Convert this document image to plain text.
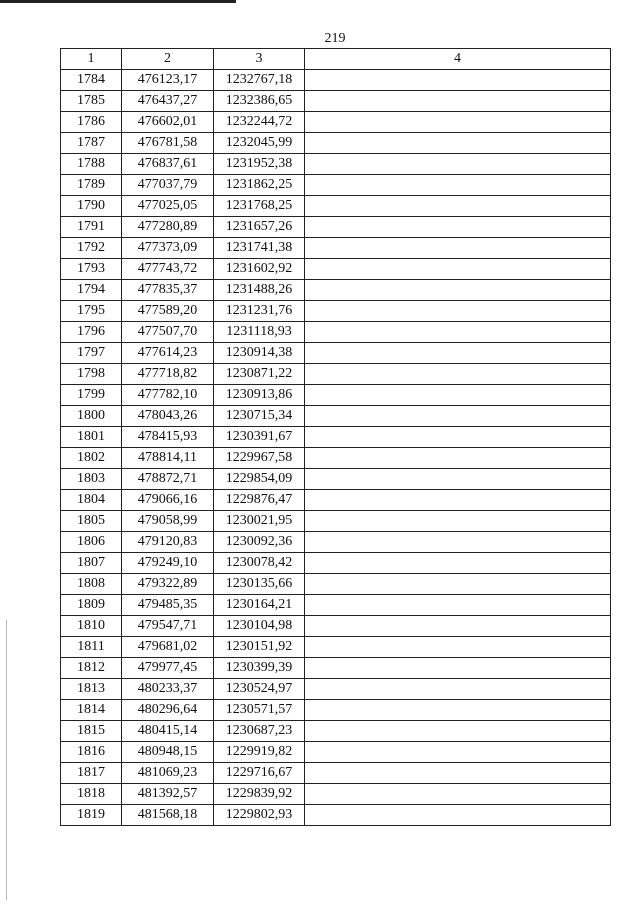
219
1	2	3	4
1784	476123,17	1232767,18	
1785	476437,27	1232386,65	
1786	476602,01	1232244,72	
1787	476781,58	1232045,99	
1788	476837,61	1231952,38	
1789	477037,79	1231862,25	
1790	477025,05	1231768,25	
1791	477280,89	1231657,26	
1792	477373,09	1231741,38	
1793	477743,72	1231602,92	
1794	477835,37	1231488,26	
1795	477589,20	1231231,76	
1796	477507,70	1231118,93	
1797	477614,23	1230914,38	
1798	477718,82	1230871,22	
1799	477782,10	1230913,86	
1800	478043,26	1230715,34	
1801	478415,93	1230391,67	
1802	478814,11	1229967,58	
1803	478872,71	1229854,09	
1804	479066,16	1229876,47	
1805	479058,99	1230021,95	
1806	479120,83	1230092,36	
1807	479249,10	1230078,42	
1808	479322,89	1230135,66	
1809	479485,35	1230164,21	
1810	479547,71	1230104,98	
1811	479681,02	1230151,92	
1812	479977,45	1230399,39	
1813	480233,37	1230524,97	
1814	480296,64	1230571,57	
1815	480415,14	1230687,23	
1816	480948,15	1229919,82	
1817	481069,23	1229716,67	
1818	481392,57	1229839,92	
1819	481568,18	1229802,93	
